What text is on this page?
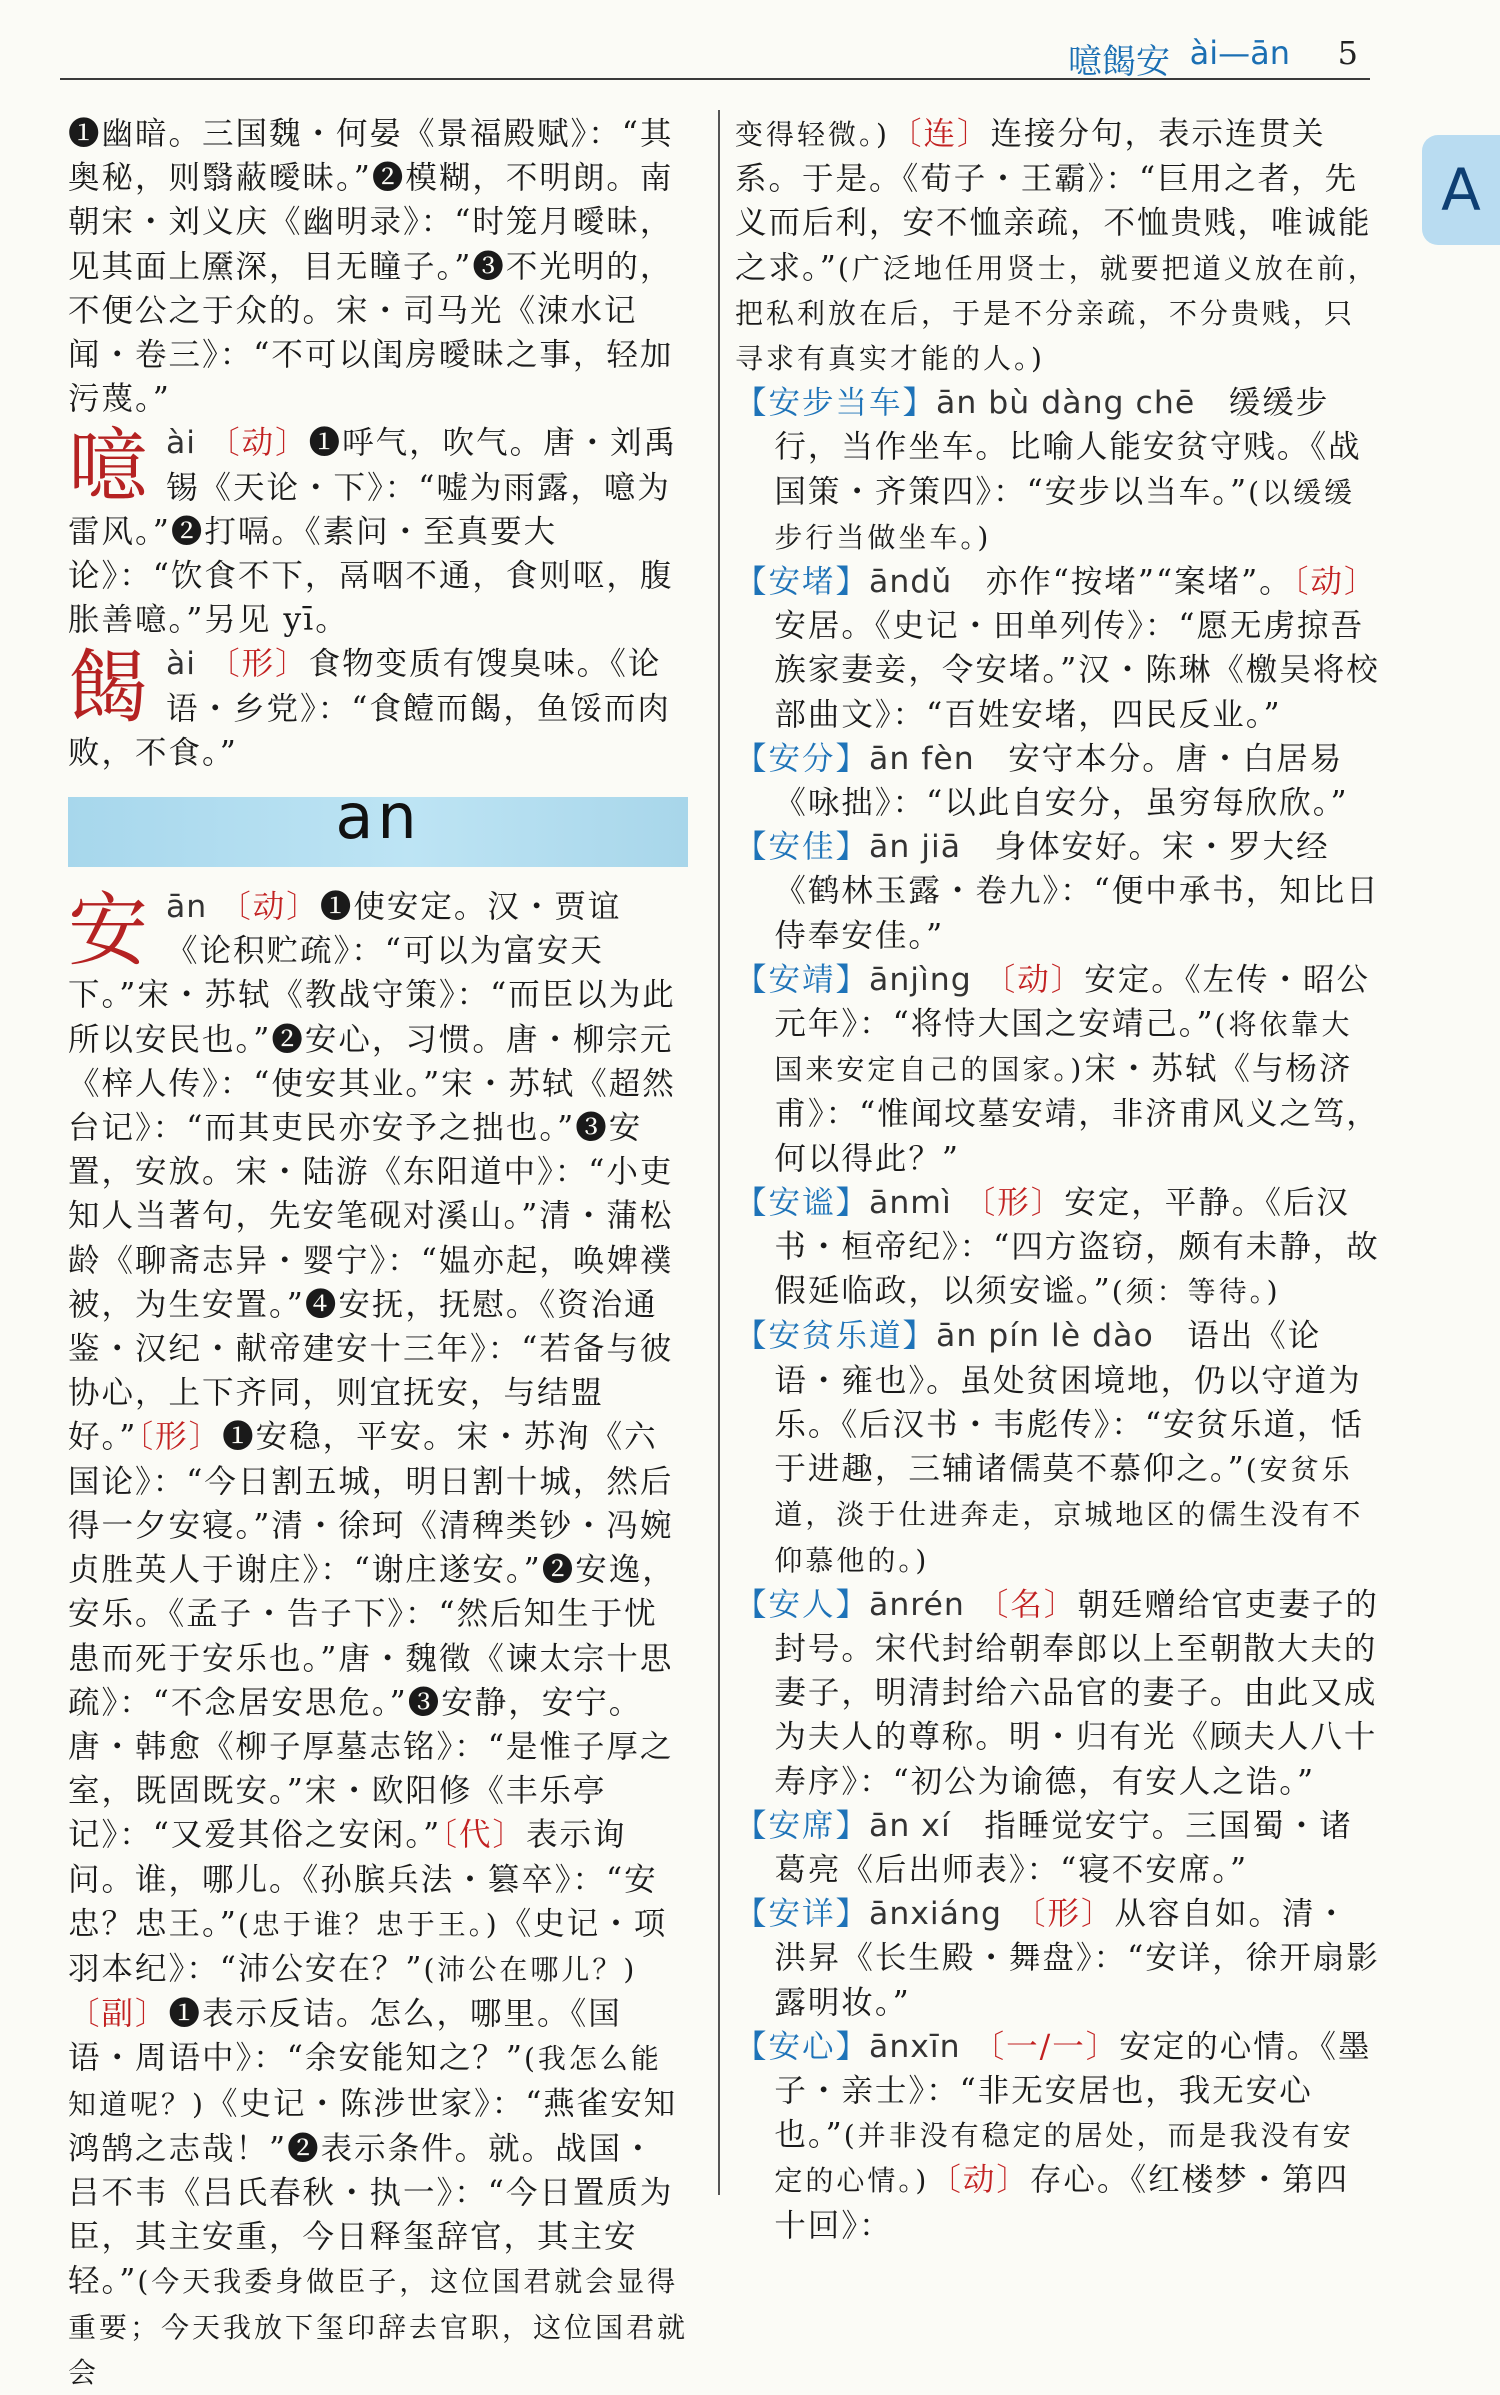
噫餲安 ài—ān 5
A

❶幽暗。三国魏・何晏《景福殿赋》：“其奥秘，则翳蔽曖昧。”❷模糊，不明朗。南朝宋・刘义庆《幽明录》：“时笼月曖昧，见其面上黡深，目无瞳子。”❸不光明的，不便公之于众的。宋・司马光《涑水记闻・卷三》：“不可以闺房曖昧之事，轻加污蔑。”

噫 ài 〔动〕❶呼气，吹气。唐・刘禹锡《天论・下》：“嘘为雨露，噫为雷风。”❷打嗝。《素问・至真要大论》：“饮食不下，鬲咽不通，食则呕，腹胀善噫。”另见 yī。
餲 ài 〔形〕食物变质有馊臭味。《论语・乡党》：“食饐而餲，鱼馁而肉败，不食。”
an
安 ān 〔动〕❶使安定。汉・贾谊《论积贮疏》：“可以为富安天下。”宋・苏轼《教战守策》：“而臣以为此所以安民也。”❷安心，习惯。唐・柳宗元《梓人传》：“使安其业。”宋・苏轼《超然台记》：“而其吏民亦安予之拙也。”❸安置，安放。宋・陆游《东阳道中》：“小吏知人当著句，先安笔砚对溪山。”清・蒲松龄《聊斋志异・婴宁》：“媪亦起，唤婢襆被，为生安置。”❹安抚，抚慰。《资治通鉴・汉纪・献帝建安十三年》：“若备与彼协心，上下齐同，则宜抚安，与结盟好。”〔形〕❶安稳，平安。宋・苏洵《六国论》：“今日割五城，明日割十城，然后得一夕安寝。”清・徐珂《清稗类钞・冯婉贞胜英人于谢庄》：“谢庄遂安。”❷安逸，安乐。《孟子・告子下》：“然后知生于忧患而死于安乐也。”唐・魏徵《谏太宗十思疏》：“不念居安思危。”❸安静，安宁。唐・韩愈《柳子厚墓志铭》：“是惟子厚之室，既固既安。”宋・欧阳修《丰乐亭记》：“又爱其俗之安闲。”〔代〕表示询问。谁，哪儿。《孙膑兵法・篡卒》：“安忠？忠王。”(忠于谁？忠于王。)《史记・项羽本纪》：“沛公安在？”(沛公在哪儿？)〔副〕❶表示反诘。怎么，哪里。《国语・周语中》：“余安能知之？”(我怎么能知道呢？)《史记・陈涉世家》：“燕雀安知鸿鹄之志哉！”❷表示条件。就。战国・吕不韦《吕氏春秋・执一》：“今日置质为臣，其主安重，今日释玺辞官，其主安轻。”(今天我委身做臣子，这位国君就会显得重要；今天我放下玺印辞去官职，这位国君就会

变得轻微。)〔连〕连接分句，表示连贯关系。于是。《荀子・王霸》：“巨用之者，先义而后利，安不恤亲疏，不恤贵贱，唯诚能之求。”(广泛地任用贤士，就要把道义放在前，把私利放在后，于是不分亲疏，不分贵贱，只寻求有真实才能的人。)

【安步当车】ān bù dàng chē　 缓缓步行，当作坐车。比喻人能安贫守贱。《战国策・齐策四》：“安步以当车。”(以缓缓步行当做坐车。)

【安堵】āndǔ　 亦作“按堵”“案堵”。〔动〕安居。《史记・田单列传》：“愿无虏掠吾族家妻妾，令安堵。”汉・陈琳《檄吴将校部曲文》：“百姓安堵，四民反业。”

【安分】ān fèn　 安守本分。唐・白居易《咏拙》：“以此自安分，虽穷每欣欣。”

【安佳】ān jiā　 身体安好。宋・罗大经《鹤林玉露・卷九》：“便中承书，知比日侍奉安佳。”

【安靖】ānjìng 〔动〕安定。《左传・昭公元年》：“将恃大国之安靖己。”(将依靠大国来安定自己的国家。)宋・苏轼《与杨济甫》：“惟闻坟墓安靖，非济甫风义之笃，何以得此？”

【安谧】ānmì 〔形〕安定，平静。《后汉书・桓帝纪》：“四方盗窃，颇有未静，故假延临政，以须安谧。”(须：等待。)

【安贫乐道】ān pín lè dào　 语出《论语・雍也》。虽处贫困境地，仍以守道为乐。《后汉书・韦彪传》：“安贫乐道，恬于进趣，三辅诸儒莫不慕仰之。”(安贫乐道，淡于仕进奔走，京城地区的儒生没有不仰慕他的。)

【安人】ānrén 〔名〕朝廷赠给官吏妻子的封号。宋代封给朝奉郎以上至朝散大夫的妻子，明清封给六品官的妻子。由此又成为夫人的尊称。明・归有光《顾夫人八十寿序》：“初公为谕德，有安人之诰。”

【安席】ān xí　 指睡觉安宁。三国蜀・诸葛亮《后出师表》：“寝不安席。”

【安详】ānxiáng 〔形〕从容自如。清・洪昇《长生殿・舞盘》：“安详，徐开扇影露明妆。”

【安心】ānxīn 〔一/一〕安定的心情。《墨子・亲士》：“非无安居也，我无安心也。”(并非没有稳定的居处，而是我没有安定的心情。)〔动〕存心。《红楼梦・第四十回》：
